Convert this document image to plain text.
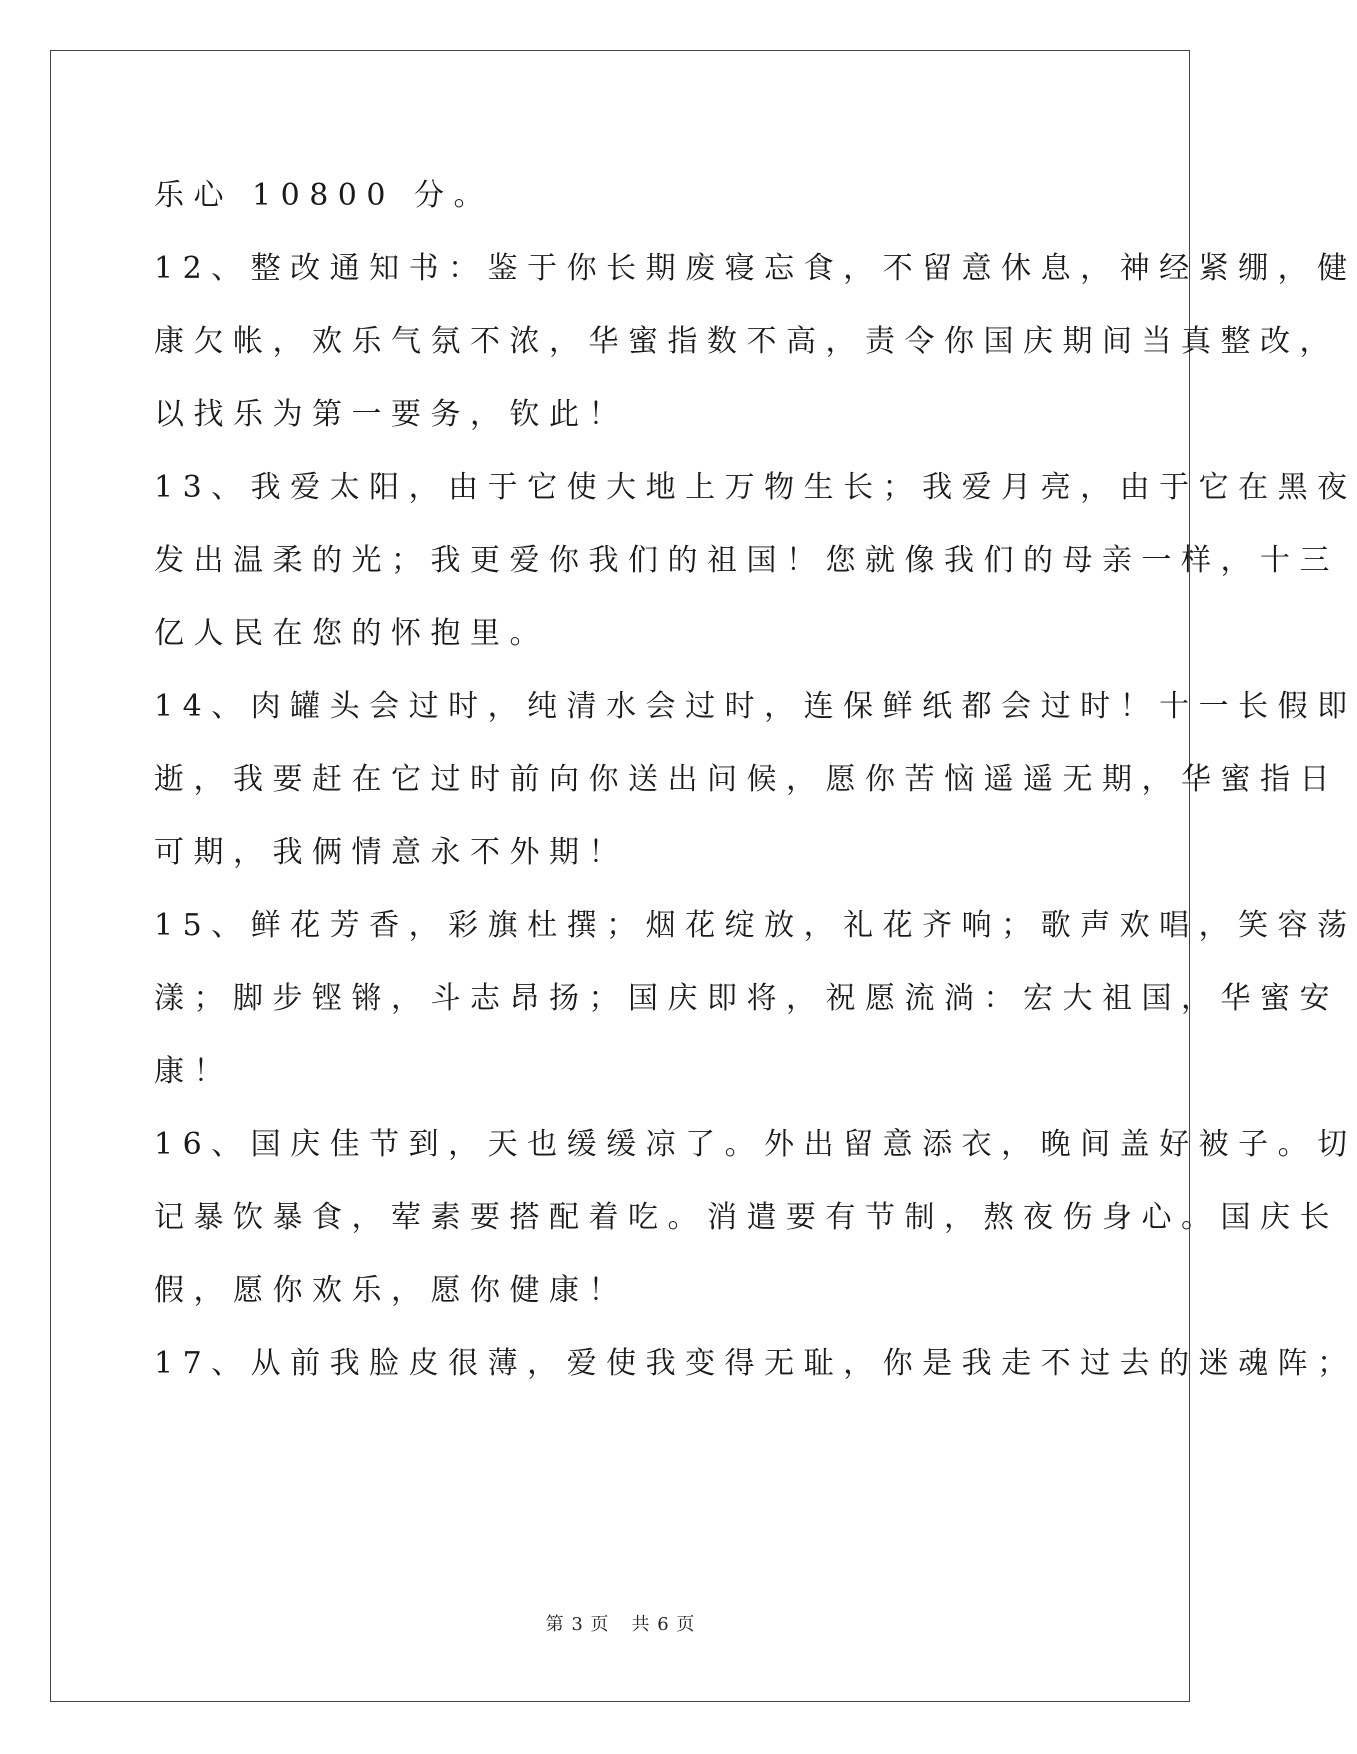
乐心 10800 分。
12、整改通知书：鉴于你长期废寝忘食，不留意休息，神经紧绷，健
康欠帐，欢乐气氛不浓，华蜜指数不高，责令你国庆期间当真整改，
以找乐为第一要务，钦此！
13、我爱太阳，由于它使大地上万物生长；我爱月亮，由于它在黑夜
发出温柔的光；我更爱你我们的祖国！您就像我们的母亲一样，十三
亿人民在您的怀抱里。
14、肉罐头会过时，纯清水会过时，连保鲜纸都会过时！十一长假即
逝，我要赶在它过时前向你送出问候，愿你苦恼遥遥无期，华蜜指日
可期，我俩情意永不外期！
15、鲜花芳香，彩旗杜撰；烟花绽放，礼花齐响；歌声欢唱，笑容荡
漾；脚步铿锵，斗志昂扬；国庆即将，祝愿流淌：宏大祖国，华蜜安
康！
16、国庆佳节到，天也缓缓凉了。外出留意添衣，晚间盖好被子。切
记暴饮暴食，荤素要搭配着吃。消遣要有节制，熬夜伤身心。国庆长
假，愿你欢乐，愿你健康！
17、从前我脸皮很薄，爱使我变得无耻，你是我走不过去的迷魂阵；
第 3 页 共 6 页
